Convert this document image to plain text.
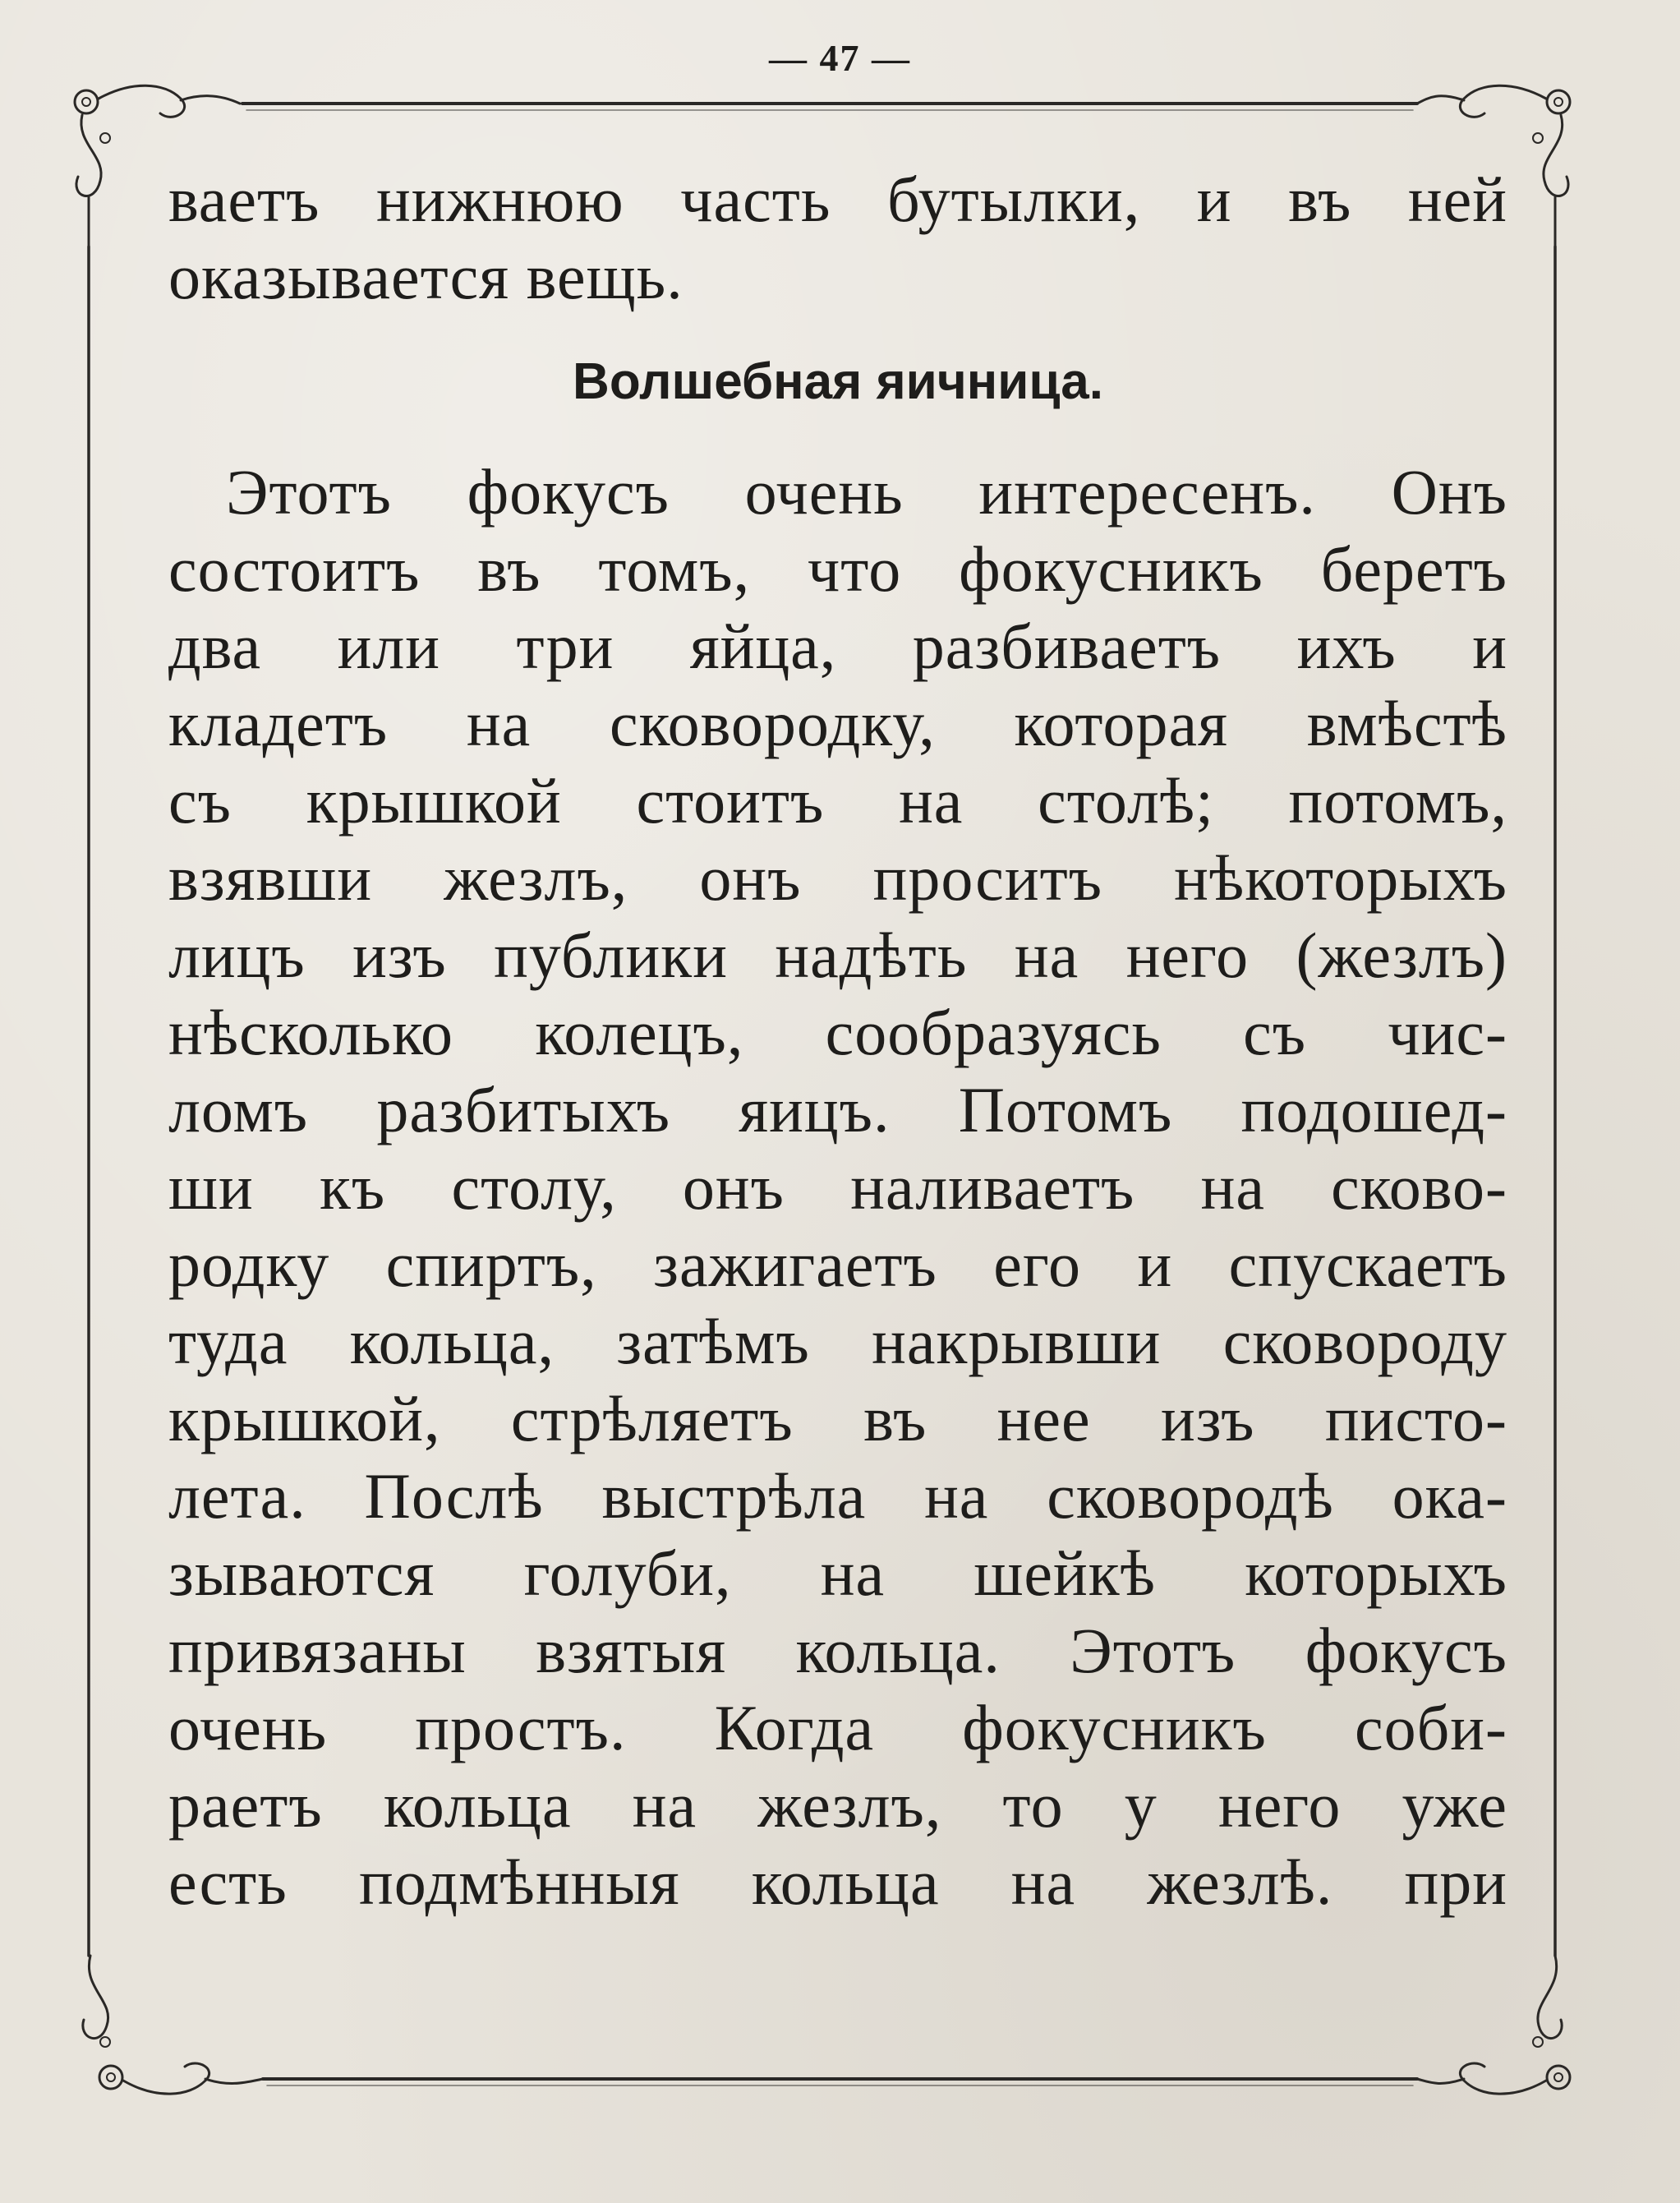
— 47 —
ваетъ нижнюю часть бутылки, и въ ней
оказывается вещь.
Волшебная яичница.
Этотъ фокусъ очень интересенъ. Онъ
состоитъ въ томъ, что фокусникъ беретъ
два или три яйца, разбиваетъ ихъ и
кладетъ на сковородку, которая вмѣстѣ
съ крышкой стоитъ на столѣ; потомъ,
взявши жезлъ, онъ проситъ нѣкоторыхъ
лицъ изъ публики надѣть на него (жезлъ)
нѣсколько колецъ, сообразуясь съ чис-
ломъ разбитыхъ яицъ. Потомъ подошед-
ши къ столу, онъ наливаетъ на сково-
родку спиртъ, зажигаетъ его и спускаетъ
туда кольца, затѣмъ накрывши сковороду
крышкой, стрѣляетъ въ нее изъ писто-
лета. Послѣ выстрѣла на сковородѣ ока-
зываются голуби, на шейкѣ которыхъ
привязаны взятыя кольца. Этотъ фокусъ
очень простъ. Когда фокусникъ соби-
раетъ кольца на жезлъ, то у него уже
есть подмѣнныя кольца на жезлѣ. при
